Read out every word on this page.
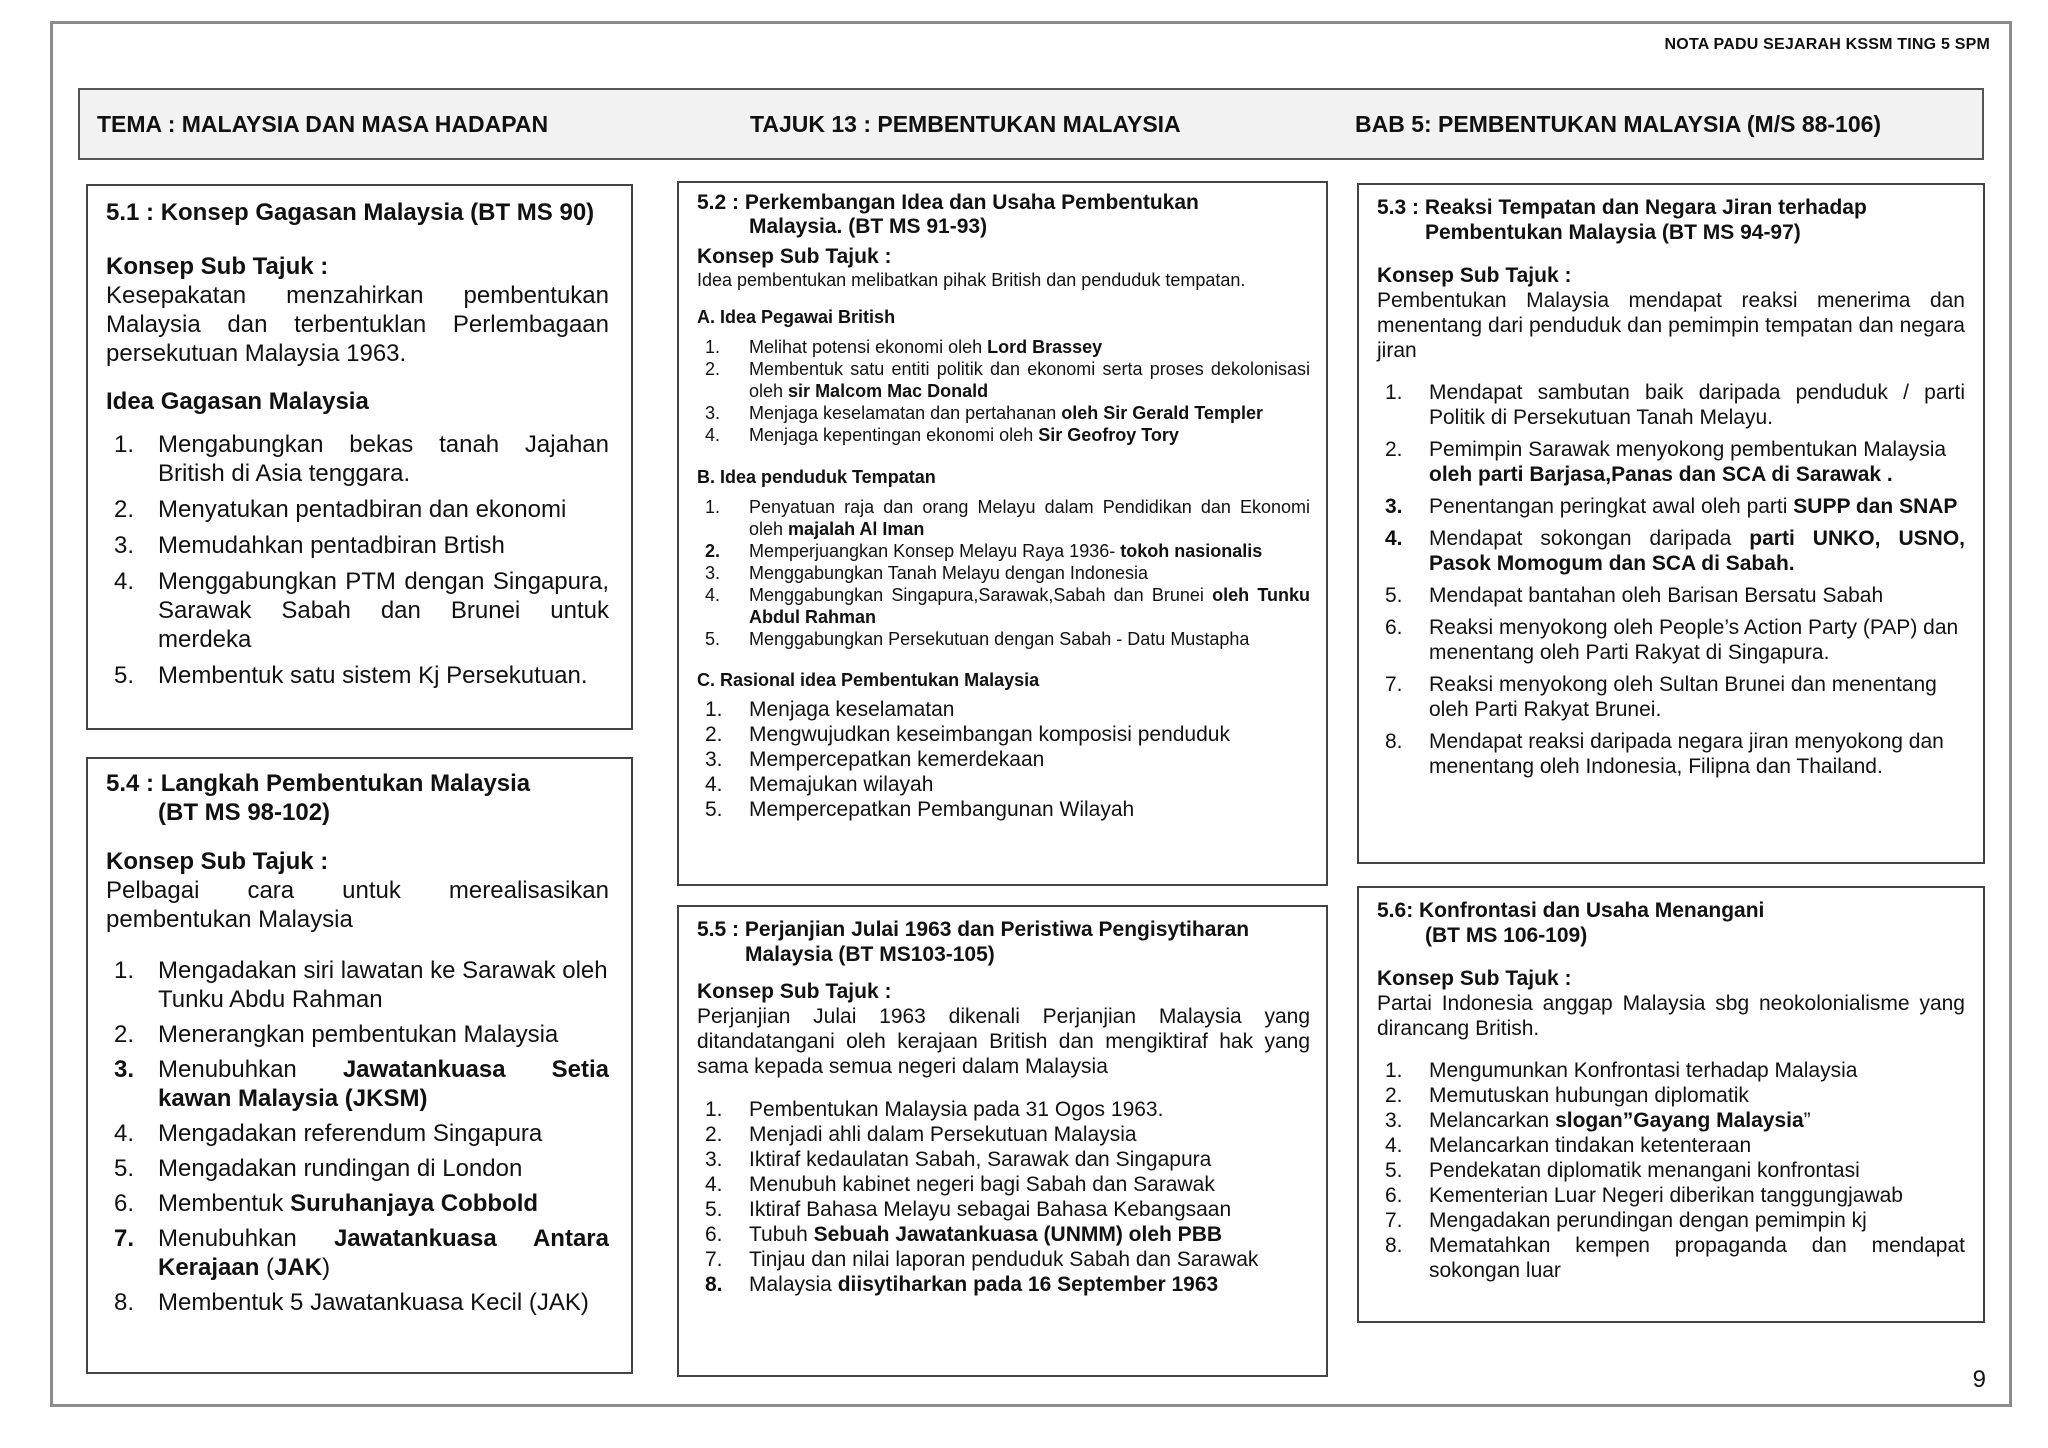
NOTA PADU SEJARAH KSSM TING 5 SPM
TEMA : MALAYSIA DAN MASA HADAPAN	TAJUK 13 : PEMBENTUKAN MALAYSIA	BAB 5: PEMBENTUKAN MALAYSIA (M/S 88-106)
5.1 : Konsep Gagasan Malaysia (BT MS 90)
Konsep Sub Tajuk :
Kesepakatan menzahirkan pembentukan Malaysia dan terbentuklan Perlembagaan persekutuan Malaysia 1963.
Idea Gagasan Malaysia
1. Mengabungkan bekas tanah Jajahan British di Asia tenggara.
2. Menyatukan pentadbiran dan ekonomi
3. Memudahkan pentadbiran Brtish
4. Menggabungkan PTM dengan Singapura, Sarawak Sabah dan Brunei untuk merdeka
5. Membentuk satu sistem Kj Persekutuan.
5.4 : Langkah Pembentukan Malaysia
(BT MS 98-102)
Konsep Sub Tajuk :
Pelbagai cara untuk merealisasikan pembentukan Malaysia
1. Mengadakan siri lawatan ke Sarawak oleh Tunku Abdu Rahman
2. Menerangkan pembentukan Malaysia
3. Menubuhkan Jawatankuasa Setia kawan Malaysia (JKSM)
4. Mengadakan referendum Singapura
5. Mengadakan rundingan di London
6. Membentuk Suruhanjaya Cobbold
7. Menubuhkan Jawatankuasa Antara Kerajaan (JAK)
8. Membentuk 5 Jawatankuasa Kecil (JAK)
5.2 : Perkembangan Idea dan Usaha Pembentukan
Malaysia. (BT MS 91-93)
Konsep Sub Tajuk :
Idea pembentukan melibatkan pihak British dan penduduk tempatan.
A. Idea Pegawai British
1. Melihat potensi ekonomi oleh Lord Brassey
2. Membentuk satu entiti politik dan ekonomi serta proses dekolonisasi oleh sir Malcom Mac Donald
3. Menjaga keselamatan dan pertahanan oleh Sir Gerald Templer
4. Menjaga kepentingan ekonomi oleh Sir Geofroy Tory
B. Idea penduduk Tempatan
1. Penyatuan raja dan orang Melayu dalam Pendidikan dan Ekonomi oleh majalah Al Iman
2. Memperjuangkan Konsep Melayu Raya 1936- tokoh nasionalis
3. Menggabungkan Tanah Melayu dengan Indonesia
4. Menggabungkan Singapura,Sarawak,Sabah dan Brunei oleh Tunku Abdul Rahman
5. Menggabungkan Persekutuan dengan Sabah - Datu Mustapha
C. Rasional idea Pembentukan Malaysia
1. Menjaga keselamatan
2. Mengwujudkan keseimbangan komposisi penduduk
3. Mempercepatkan kemerdekaan
4. Memajukan wilayah
5. Mempercepatkan Pembangunan Wilayah
5.5 : Perjanjian Julai 1963 dan Peristiwa Pengisytiharan
Malaysia (BT MS103-105)
Konsep Sub Tajuk :
Perjanjian Julai 1963 dikenali Perjanjian Malaysia yang ditandatangani oleh kerajaan British dan mengiktiraf hak yang sama kepada semua negeri dalam Malaysia
1. Pembentukan Malaysia pada 31 Ogos 1963.
2. Menjadi ahli dalam Persekutuan Malaysia
3. Iktiraf kedaulatan Sabah, Sarawak dan Singapura
4. Menubuh kabinet negeri bagi Sabah dan Sarawak
5. Iktiraf Bahasa Melayu sebagai Bahasa Kebangsaan
6. Tubuh Sebuah Jawatankuasa (UNMM) oleh PBB
7. Tinjau dan nilai laporan penduduk Sabah dan Sarawak
8. Malaysia diisytiharkan pada 16 September 1963
5.3 : Reaksi Tempatan dan Negara Jiran terhadap
Pembentukan Malaysia (BT MS 94-97)
Konsep Sub Tajuk :
Pembentukan Malaysia mendapat reaksi menerima dan menentang dari penduduk dan pemimpin tempatan dan negara jiran
1. Mendapat sambutan baik daripada penduduk / parti Politik di Persekutuan Tanah Melayu.
2. Pemimpin Sarawak menyokong pembentukan Malaysia oleh parti Barjasa,Panas dan SCA di Sarawak .
3. Penentangan peringkat awal oleh parti SUPP dan SNAP
4. Mendapat sokongan daripada parti UNKO, USNO, Pasok Momogum dan SCA di Sabah.
5. Mendapat bantahan oleh Barisan Bersatu Sabah
6. Reaksi menyokong oleh People’s Action Party (PAP) dan menentang oleh Parti Rakyat di Singapura.
7. Reaksi menyokong oleh Sultan Brunei dan menentang oleh Parti Rakyat Brunei.
8. Mendapat reaksi daripada negara jiran menyokong dan menentang oleh Indonesia, Filipna dan Thailand.
5.6: Konfrontasi dan Usaha Menangani
(BT MS 106-109)
Konsep Sub Tajuk :
Partai Indonesia anggap Malaysia sbg neokolonialisme yang dirancang British.
1. Mengumunkan Konfrontasi terhadap Malaysia
2. Memutuskan hubungan diplomatik
3. Melancarkan slogan”Gayang Malaysia”
4. Melancarkan tindakan ketenteraan
5. Pendekatan diplomatik menangani konfrontasi
6. Kementerian Luar Negeri diberikan tanggungjawab
7. Mengadakan perundingan dengan pemimpin kj
8. Mematahkan kempen propaganda dan mendapat sokongan luar
9
